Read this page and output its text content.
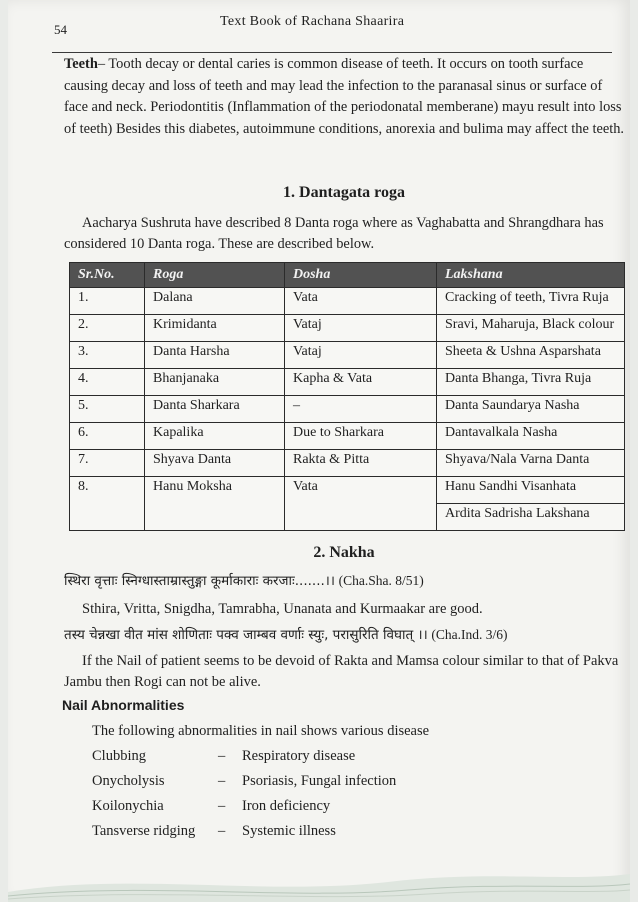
54
Text Book of Rachana Shaarira

Teeth– Tooth decay or dental caries is common disease of teeth. It occurs on tooth surface causing decay and loss of teeth and may lead the infection to the paranasal sinus or surface of face and neck. Periodontitis (Inflammation of the periodonatal memberane) mayu result into loss of teeth) Besides this diabetes, autoimmune conditions, anorexia and bulima may affect the teeth.

1. Dantagata roga

Aacharya Sushruta have described 8 Danta roga where as Vaghabatta and Shrangdhara has considered 10 Danta roga. These are described below.

Sr.No.	Roga	Dosha	Lakshana
1.	Dalana	Vata	Cracking of teeth, Tivra Ruja
2.	Krimidanta	Vataj	Sravi, Maharuja, Black colour
3.	Danta Harsha	Vataj	Sheeta & Ushna Asparshata
4.	Bhanjanaka	Kapha & Vata	Danta Bhanga, Tivra Ruja
5.	Danta Sharkara	–	Danta Saundarya Nasha
6.	Kapalika	Due to Sharkara	Dantavalkala Nasha
7.	Shyava Danta	Rakta & Pitta	Shyava/Nala Varna Danta
8.	Hanu Moksha	Vata	Hanu Sandhi Visanhata
			Ardita Sadrisha Lakshana
2. Nakha
स्थिरा वृत्ताः स्निग्धास्ताम्रास्तुङ्गा कूर्माकाराः करजाः.......।। (Cha.Sha. 8/51)

Sthira, Vritta, Snigdha, Tamrabha, Unanata and Kurmaakar are good.

तस्य चेन्नखा वीत मांस शोणिताः पक्व जाम्बव वर्णाः स्युः, परासुरिति विघात् ।। (Cha.Ind. 3/6)

If the Nail of patient seems to be devoid of Rakta and Mamsa colour similar to that of Pakva Jambu then Rogi can not be alive.

Nail Abnormalities
The following abnormalities in nail shows various disease
Clubbing	– Respiratory disease
Onycholysis	– Psoriasis, Fungal infection
Koilonychia	– Iron deficiency
Tansverse ridging – Systemic illness
